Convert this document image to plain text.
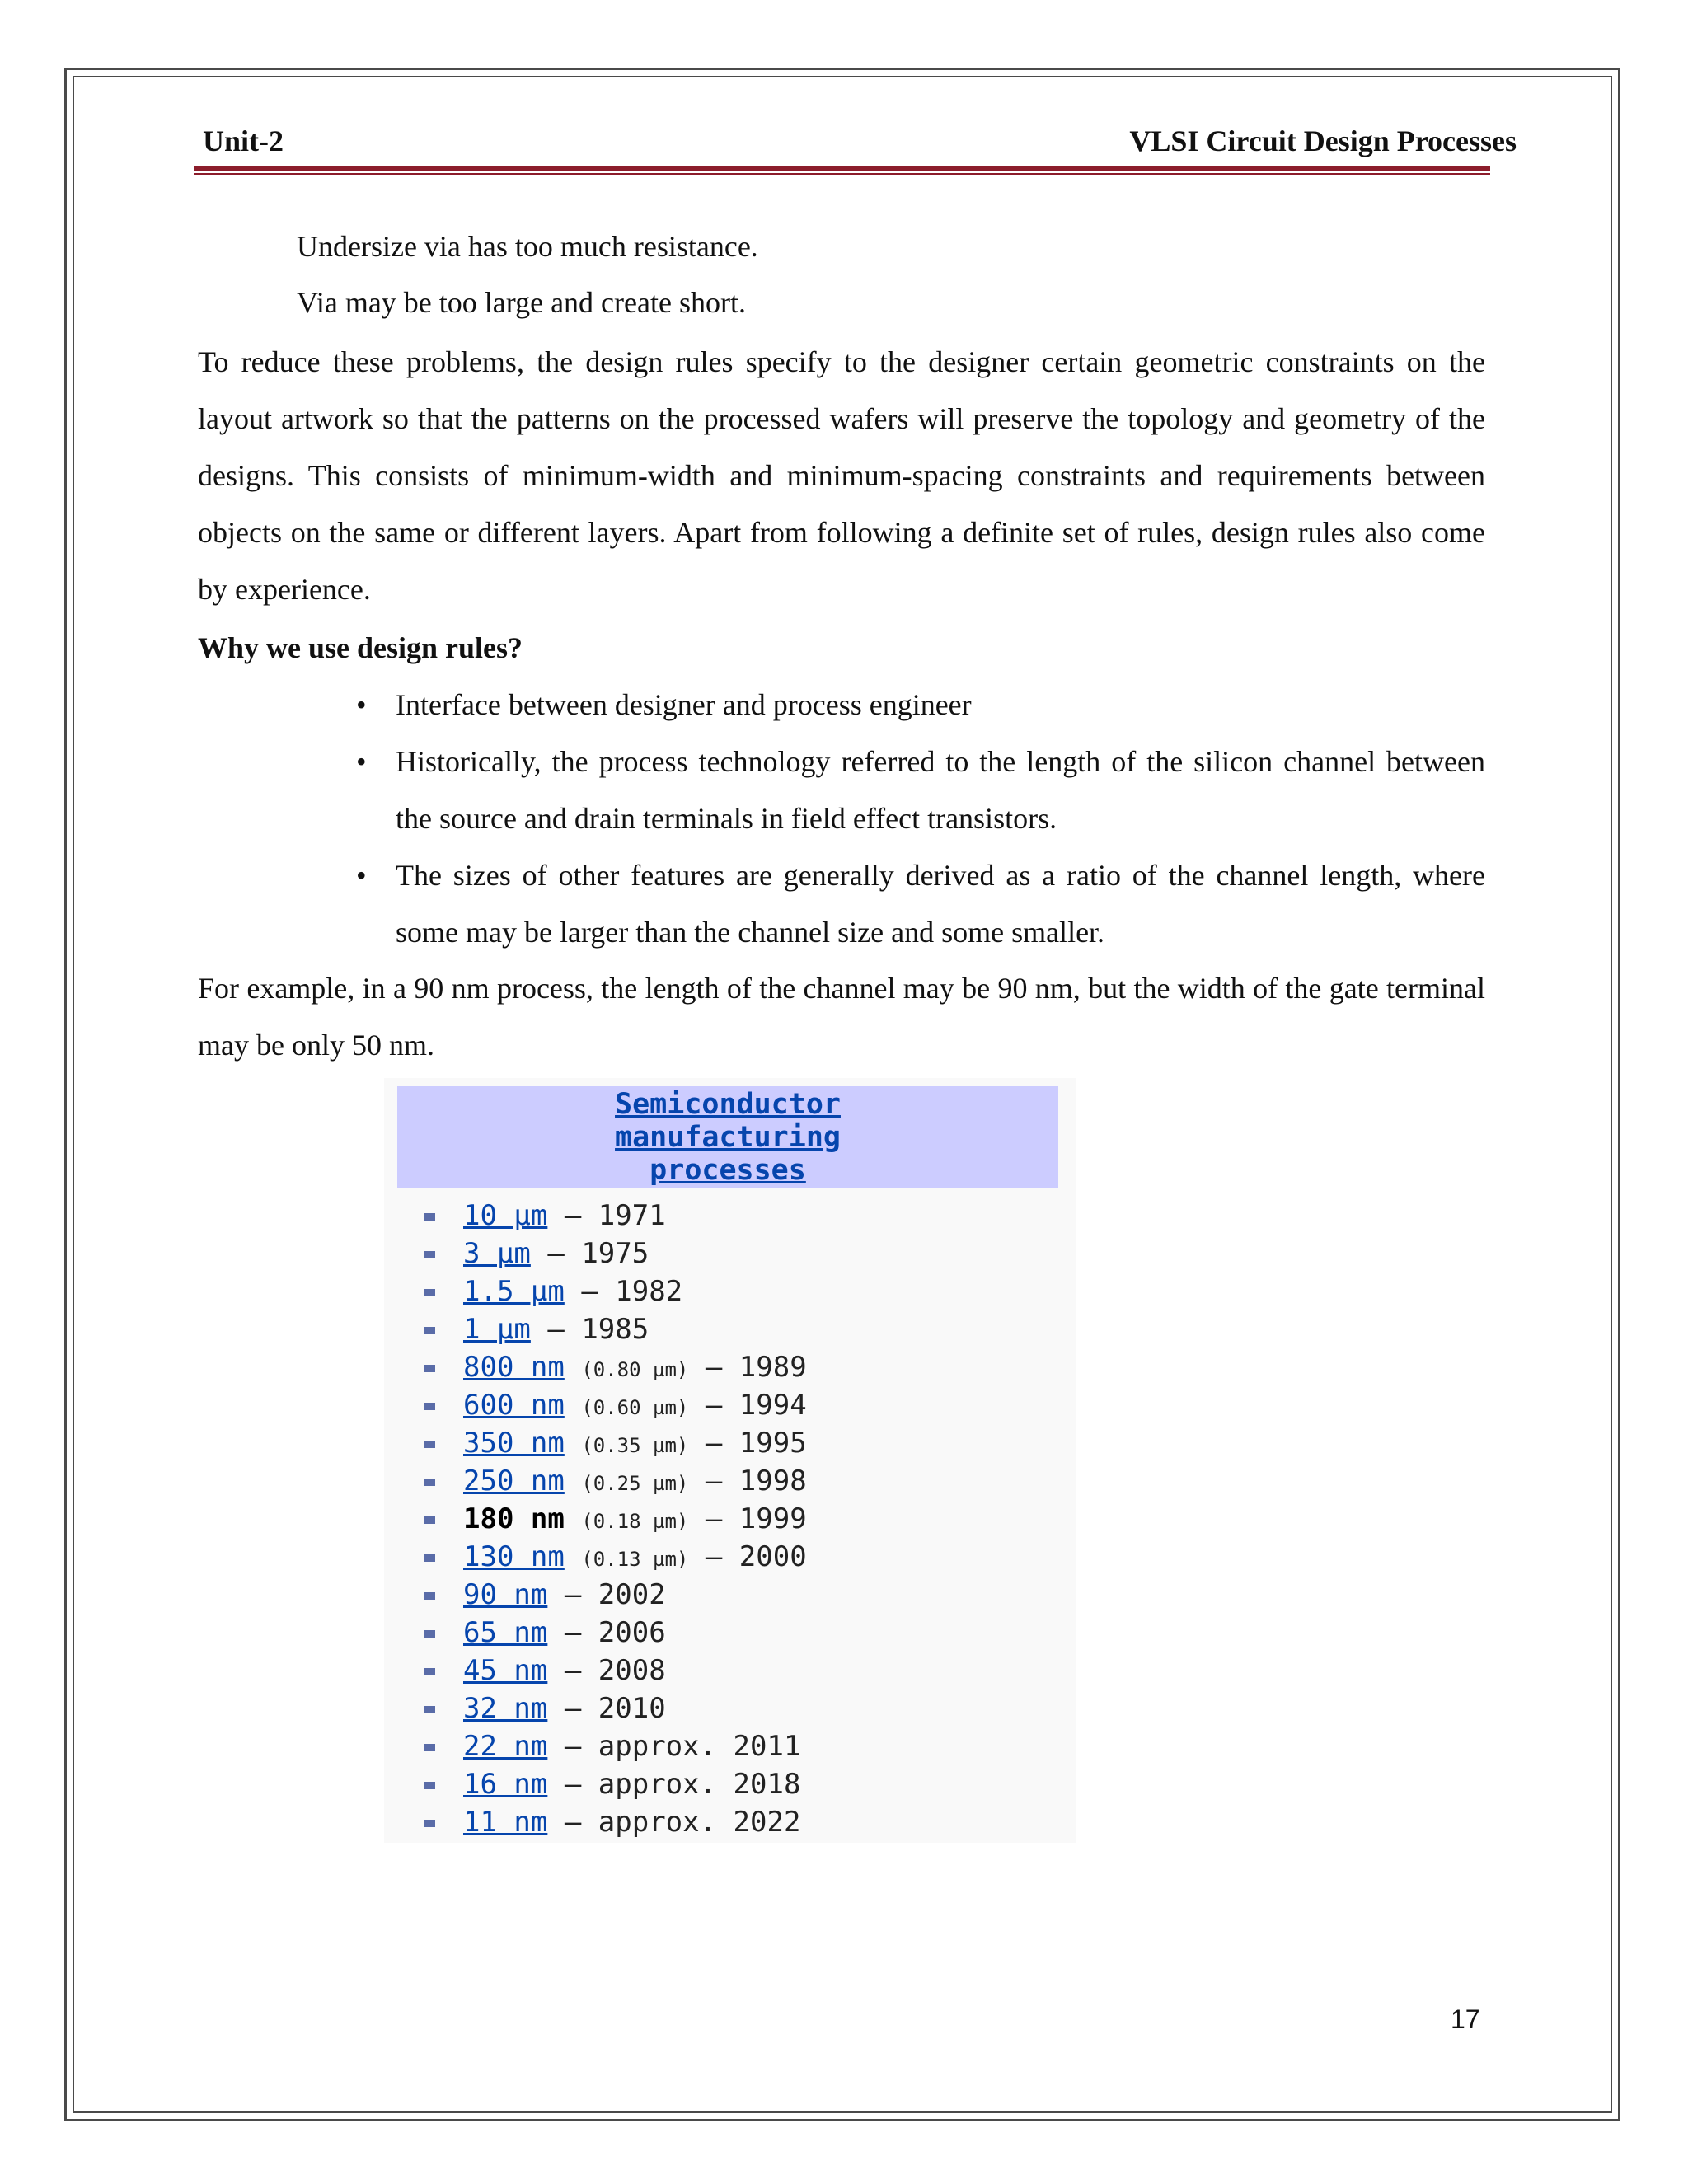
Unit-2	VLSI Circuit Design Processes
Undersize via has too much resistance.
Via may be too large and create short.
To reduce these problems, the design rules specify to the designer certain geometric constraints on the layout artwork so that the patterns on the processed wafers will preserve the topology and geometry of the designs. This consists of minimum-width and minimum-spacing constraints and requirements between objects on the same or different layers. Apart from following a definite set of rules, design rules also come by experience.
Why we use design rules?
• Interface between designer and process engineer
• Historically, the process technology referred to the length of the silicon channel between the source and drain terminals in field effect transistors.
• The sizes of other features are generally derived as a ratio of the channel length, where some may be larger than the channel size and some smaller.
For example, in a 90 nm process, the length of the channel may be 90 nm, but the width of the gate terminal may be only 50 nm.
Semiconductor manufacturing processes
10 µm — 1971
3 µm — 1975
1.5 µm — 1982
1 µm — 1985
800 nm (0.80 µm) — 1989
600 nm (0.60 µm) — 1994
350 nm (0.35 µm) — 1995
250 nm (0.25 µm) — 1998
180 nm (0.18 µm) — 1999
130 nm (0.13 µm) — 2000
90 nm — 2002
65 nm — 2006
45 nm — 2008
32 nm — 2010
22 nm — approx. 2011
16 nm — approx. 2018
11 nm — approx. 2022
17
